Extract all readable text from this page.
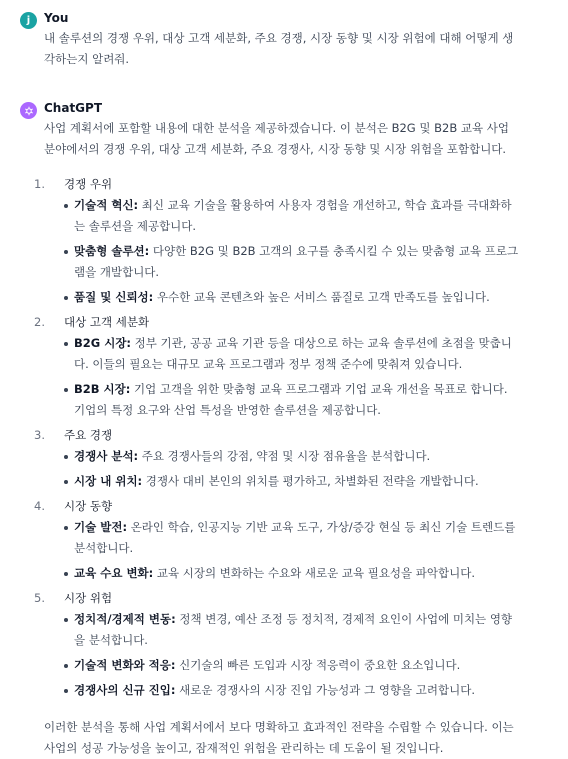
j You

내 솔루션의 경쟁 우위, 대상 고객 세분화, 주요 경쟁, 시장 동향 및 시장 위험에 대해 어떻게 생각하는지 알려줘.

ChatGPT

사업 계획서에 포함할 내용에 대한 분석을 제공하겠습니다. 이 분석은 B2G 및 B2B 교육 사업 분야에서의 경쟁 우위, 대상 고객 세분화, 주요 경쟁사, 시장 동향 및 시장 위험을 포함합니다.

1. 경쟁 우위
기술적 혁신: 최신 교육 기술을 활용하여 사용자 경험을 개선하고, 학습 효과를 극대화하는 솔루션을 제공합니다.
맞춤형 솔루션: 다양한 B2G 및 B2B 고객의 요구를 충족시킬 수 있는 맞춤형 교육 프로그램을 개발합니다.
품질 및 신뢰성: 우수한 교육 콘텐츠와 높은 서비스 품질로 고객 만족도를 높입니다.
2. 대상 고객 세분화
B2G 시장: 정부 기관, 공공 교육 기관 등을 대상으로 하는 교육 솔루션에 초점을 맞춥니다. 이들의 필요는 대규모 교육 프로그램과 정부 정책 준수에 맞춰져 있습니다.
B2B 시장: 기업 고객을 위한 맞춤형 교육 프로그램과 기업 교육 개선을 목표로 합니다. 기업의 특정 요구와 산업 특성을 반영한 솔루션을 제공합니다.
3. 주요 경쟁
경쟁사 분석: 주요 경쟁사들의 강점, 약점 및 시장 점유율을 분석합니다.
시장 내 위치: 경쟁사 대비 본인의 위치를 평가하고, 차별화된 전략을 개발합니다.
4. 시장 동향
기술 발전: 온라인 학습, 인공지능 기반 교육 도구, 가상/증강 현실 등 최신 기술 트렌드를 분석합니다.
교육 수요 변화: 교육 시장의 변화하는 수요와 새로운 교육 필요성을 파악합니다.
5. 시장 위험
정치적/경제적 변동: 정책 변경, 예산 조정 등 정치적, 경제적 요인이 사업에 미치는 영향을 분석합니다.
기술적 변화와 적응: 신기술의 빠른 도입과 시장 적응력이 중요한 요소입니다.
경쟁사의 신규 진입: 새로운 경쟁사의 시장 진입 가능성과 그 영향을 고려합니다.

이러한 분석을 통해 사업 계획서에서 보다 명확하고 효과적인 전략을 수립할 수 있습니다. 이는 사업의 성공 가능성을 높이고, 잠재적인 위험을 관리하는 데 도움이 될 것입니다.
